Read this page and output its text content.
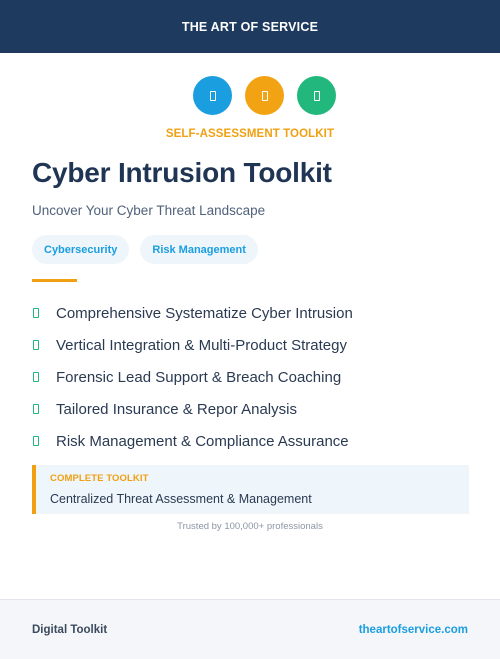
THE ART OF SERVICE
SELF-ASSESSMENT TOOLKIT
Cyber Intrusion Toolkit

Uncover Your Cyber Threat Landscape

Cybersecurity	Risk Management
Comprehensive Systematize Cyber Intrusion
Vertical Integration & Multi-Product Strategy
Forensic Lead Support & Breach Coaching
Tailored Insurance & Repor Analysis
Risk Management & Compliance Assurance
COMPLETE TOOLKIT
Centralized Threat Assessment & Management
Trusted by 100,000+ professionals
Digital Toolkit	theartofservice.com
